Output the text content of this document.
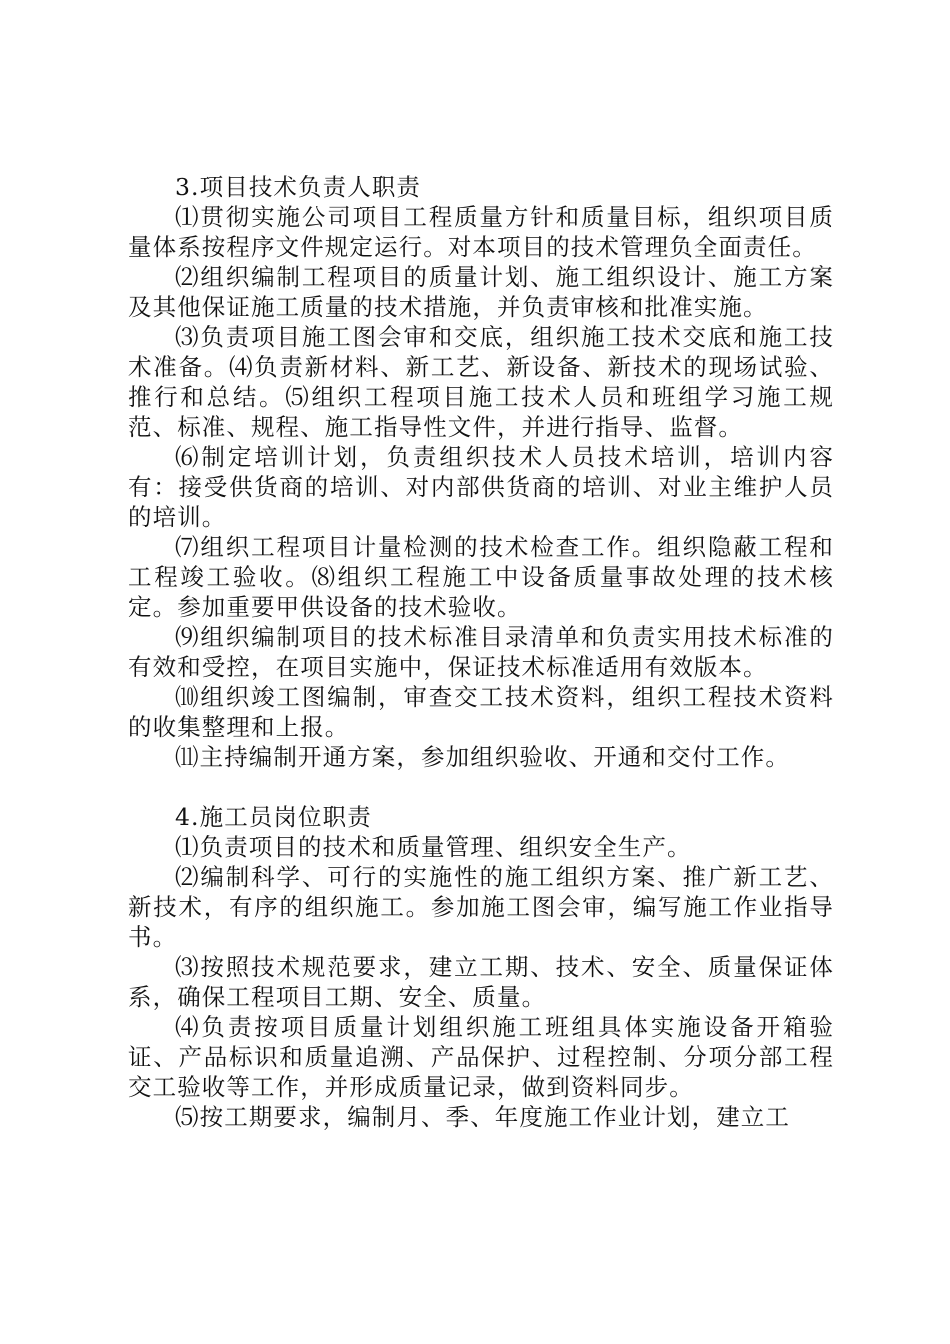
3.项目技术负责人职责

⑴贯彻实施公司项目工程质量方针和质量目标，组织项目质量体系按程序文件规定运行。对本项目的技术管理负全面责任。

⑵组织编制工程项目的质量计划、施工组织设计、施工方案及其他保证施工质量的技术措施，并负责审核和批准实施。

⑶负责项目施工图会审和交底，组织施工技术交底和施工技术准备。⑷负责新材料、新工艺、新设备、新技术的现场试验、推行和总结。⑸组织工程项目施工技术人员和班组学习施工规范、标准、规程、施工指导性文件，并进行指导、监督。

⑹制定培训计划，负责组织技术人员技术培训，培训内容有：接受供货商的培训、对内部供货商的培训、对业主维护人员的培训。

⑺组织工程项目计量检测的技术检查工作。组织隐蔽工程和工程竣工验收。⑻组织工程施工中设备质量事故处理的技术核定。参加重要甲供设备的技术验收。

⑼组织编制项目的技术标准目录清单和负责实用技术标准的有效和受控，在项目实施中，保证技术标准适用有效版本。

⑽组织竣工图编制，审查交工技术资料，组织工程技术资料的收集整理和上报。

⑾主持编制开通方案，参加组织验收、开通和交付工作。

4.施工员岗位职责

⑴负责项目的技术和质量管理、组织安全生产。

⑵编制科学、可行的实施性的施工组织方案、推广新工艺、新技术，有序的组织施工。参加施工图会审，编写施工作业指导书。

⑶按照技术规范要求，建立工期、技术、安全、质量保证体系，确保工程项目工期、安全、质量。

⑷负责按项目质量计划组织施工班组具体实施设备开箱验证、产品标识和质量追溯、产品保护、过程控制、分项分部工程交工验收等工作，并形成质量记录，做到资料同步。

⑸按工期要求，编制月、季、年度施工作业计划，建立工
